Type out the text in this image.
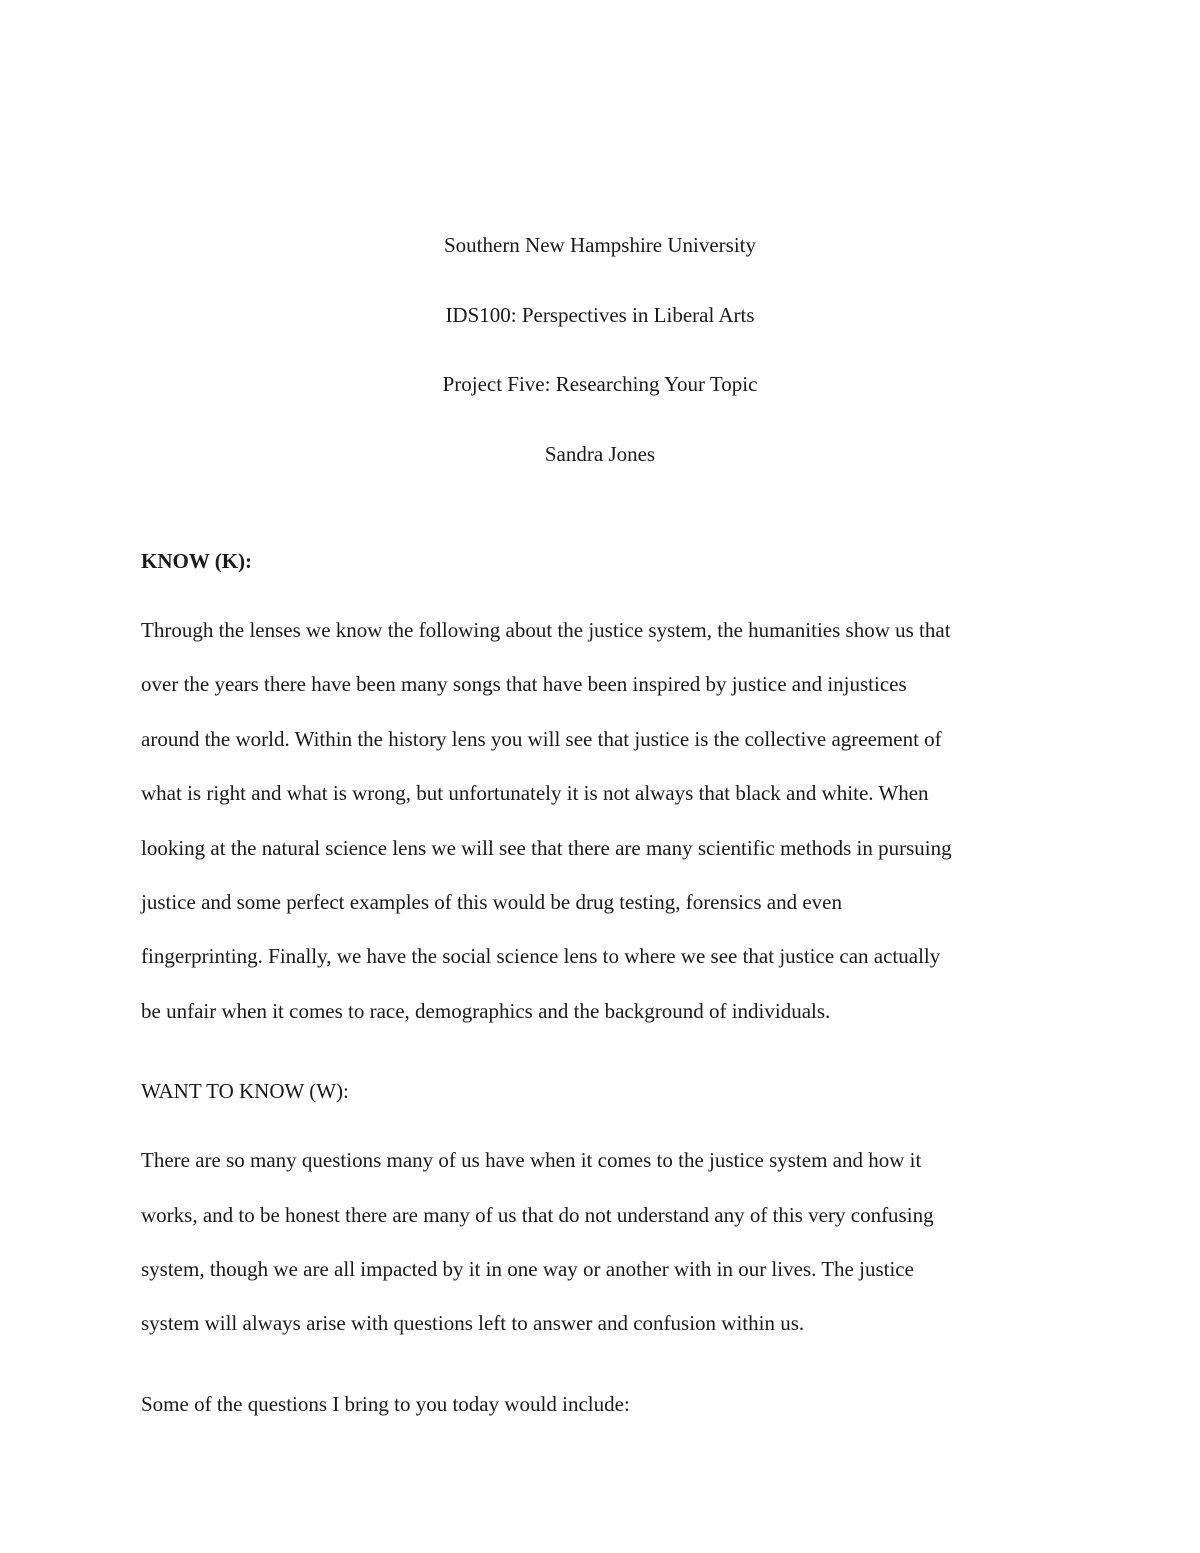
Southern New Hampshire University

IDS100: Perspectives in Liberal Arts

Project Five: Researching Your Topic

Sandra Jones

KNOW (K):

Through the lenses we know the following about the justice system, the humanities show us that
over the years there have been many songs that have been inspired by justice and injustices
around the world. Within the history lens you will see that justice is the collective agreement of
what is right and what is wrong, but unfortunately it is not always that black and white. When
looking at the natural science lens we will see that there are many scientific methods in pursuing
justice and some perfect examples of this would be drug testing, forensics and even
fingerprinting. Finally, we have the social science lens to where we see that justice can actually
be unfair when it comes to race, demographics and the background of individuals.

WANT TO KNOW (W):

There are so many questions many of us have when it comes to the justice system and how it
works, and to be honest there are many of us that do not understand any of this very confusing
system, though we are all impacted by it in one way or another with in our lives. The justice
system will always arise with questions left to answer and confusion within us.

Some of the questions I bring to you today would include:
